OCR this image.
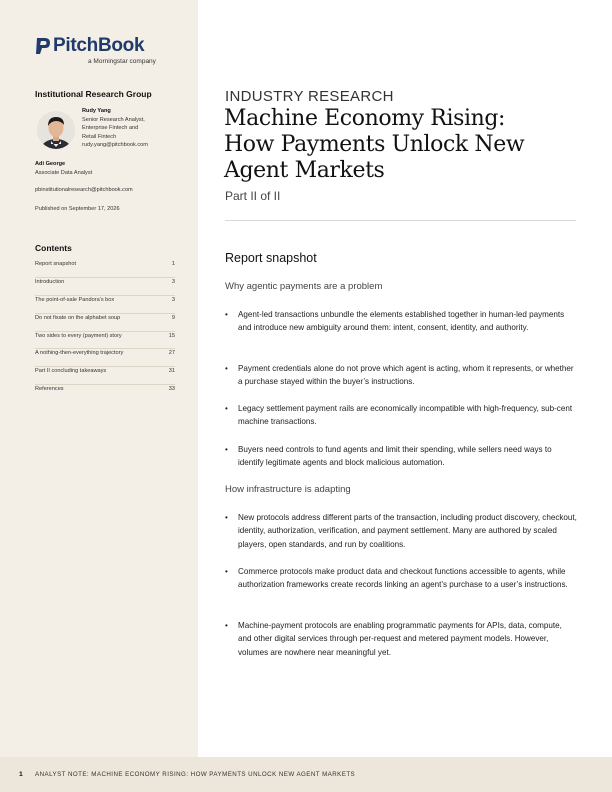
PitchBook
a Morningstar company
Institutional Research Group
Rudy Yang
Senior Research Analyst,
Enterprise Fintech and
Retail Fintech
rudy.yang@pitchbook.com
Adi George
Associate Data Analyst
pbinstitutionalresearch@pitchbook.com
Published on September 17, 2026
Contents
Report snapshot	1
Introduction	3
The point-of-sale Pandora’s box	3
Do not fixate on the alphabet soup	9
Two sides to every (payment) story	15
A nothing-then-everything trajectory	27
Part II concluding takeaways	31
References	33
INDUSTRY RESEARCH
Machine Economy Rising:
How Payments Unlock New
Agent Markets
Part II of II
Report snapshot
Why agentic payments are a problem
• Agent-led transactions unbundle the elements established together in human-led payments and introduce new ambiguity around them: intent, consent, identity, and authority.
• Payment credentials alone do not prove which agent is acting, whom it represents, or whether a purchase stayed within the buyer’s instructions.
• Legacy settlement payment rails are economically incompatible with high-frequency, sub-cent machine transactions.
• Buyers need controls to fund agents and limit their spending, while sellers need ways to identify legitimate agents and block malicious automation.
How infrastructure is adapting
• New protocols address different parts of the transaction, including product discovery, checkout, identity, authorization, verification, and payment settlement. Many are authored by scaled players, open standards, and run by coalitions.
• Commerce protocols make product data and checkout functions accessible to agents, while authorization frameworks create records linking an agent’s purchase to a user’s instructions.
• Machine-payment protocols are enabling programmatic payments for APIs, data, compute, and other digital services through per-request and metered payment models. However, volumes are nowhere near meaningful yet.
1 ANALYST NOTE: MACHINE ECONOMY RISING: HOW PAYMENTS UNLOCK NEW AGENT MARKETS
